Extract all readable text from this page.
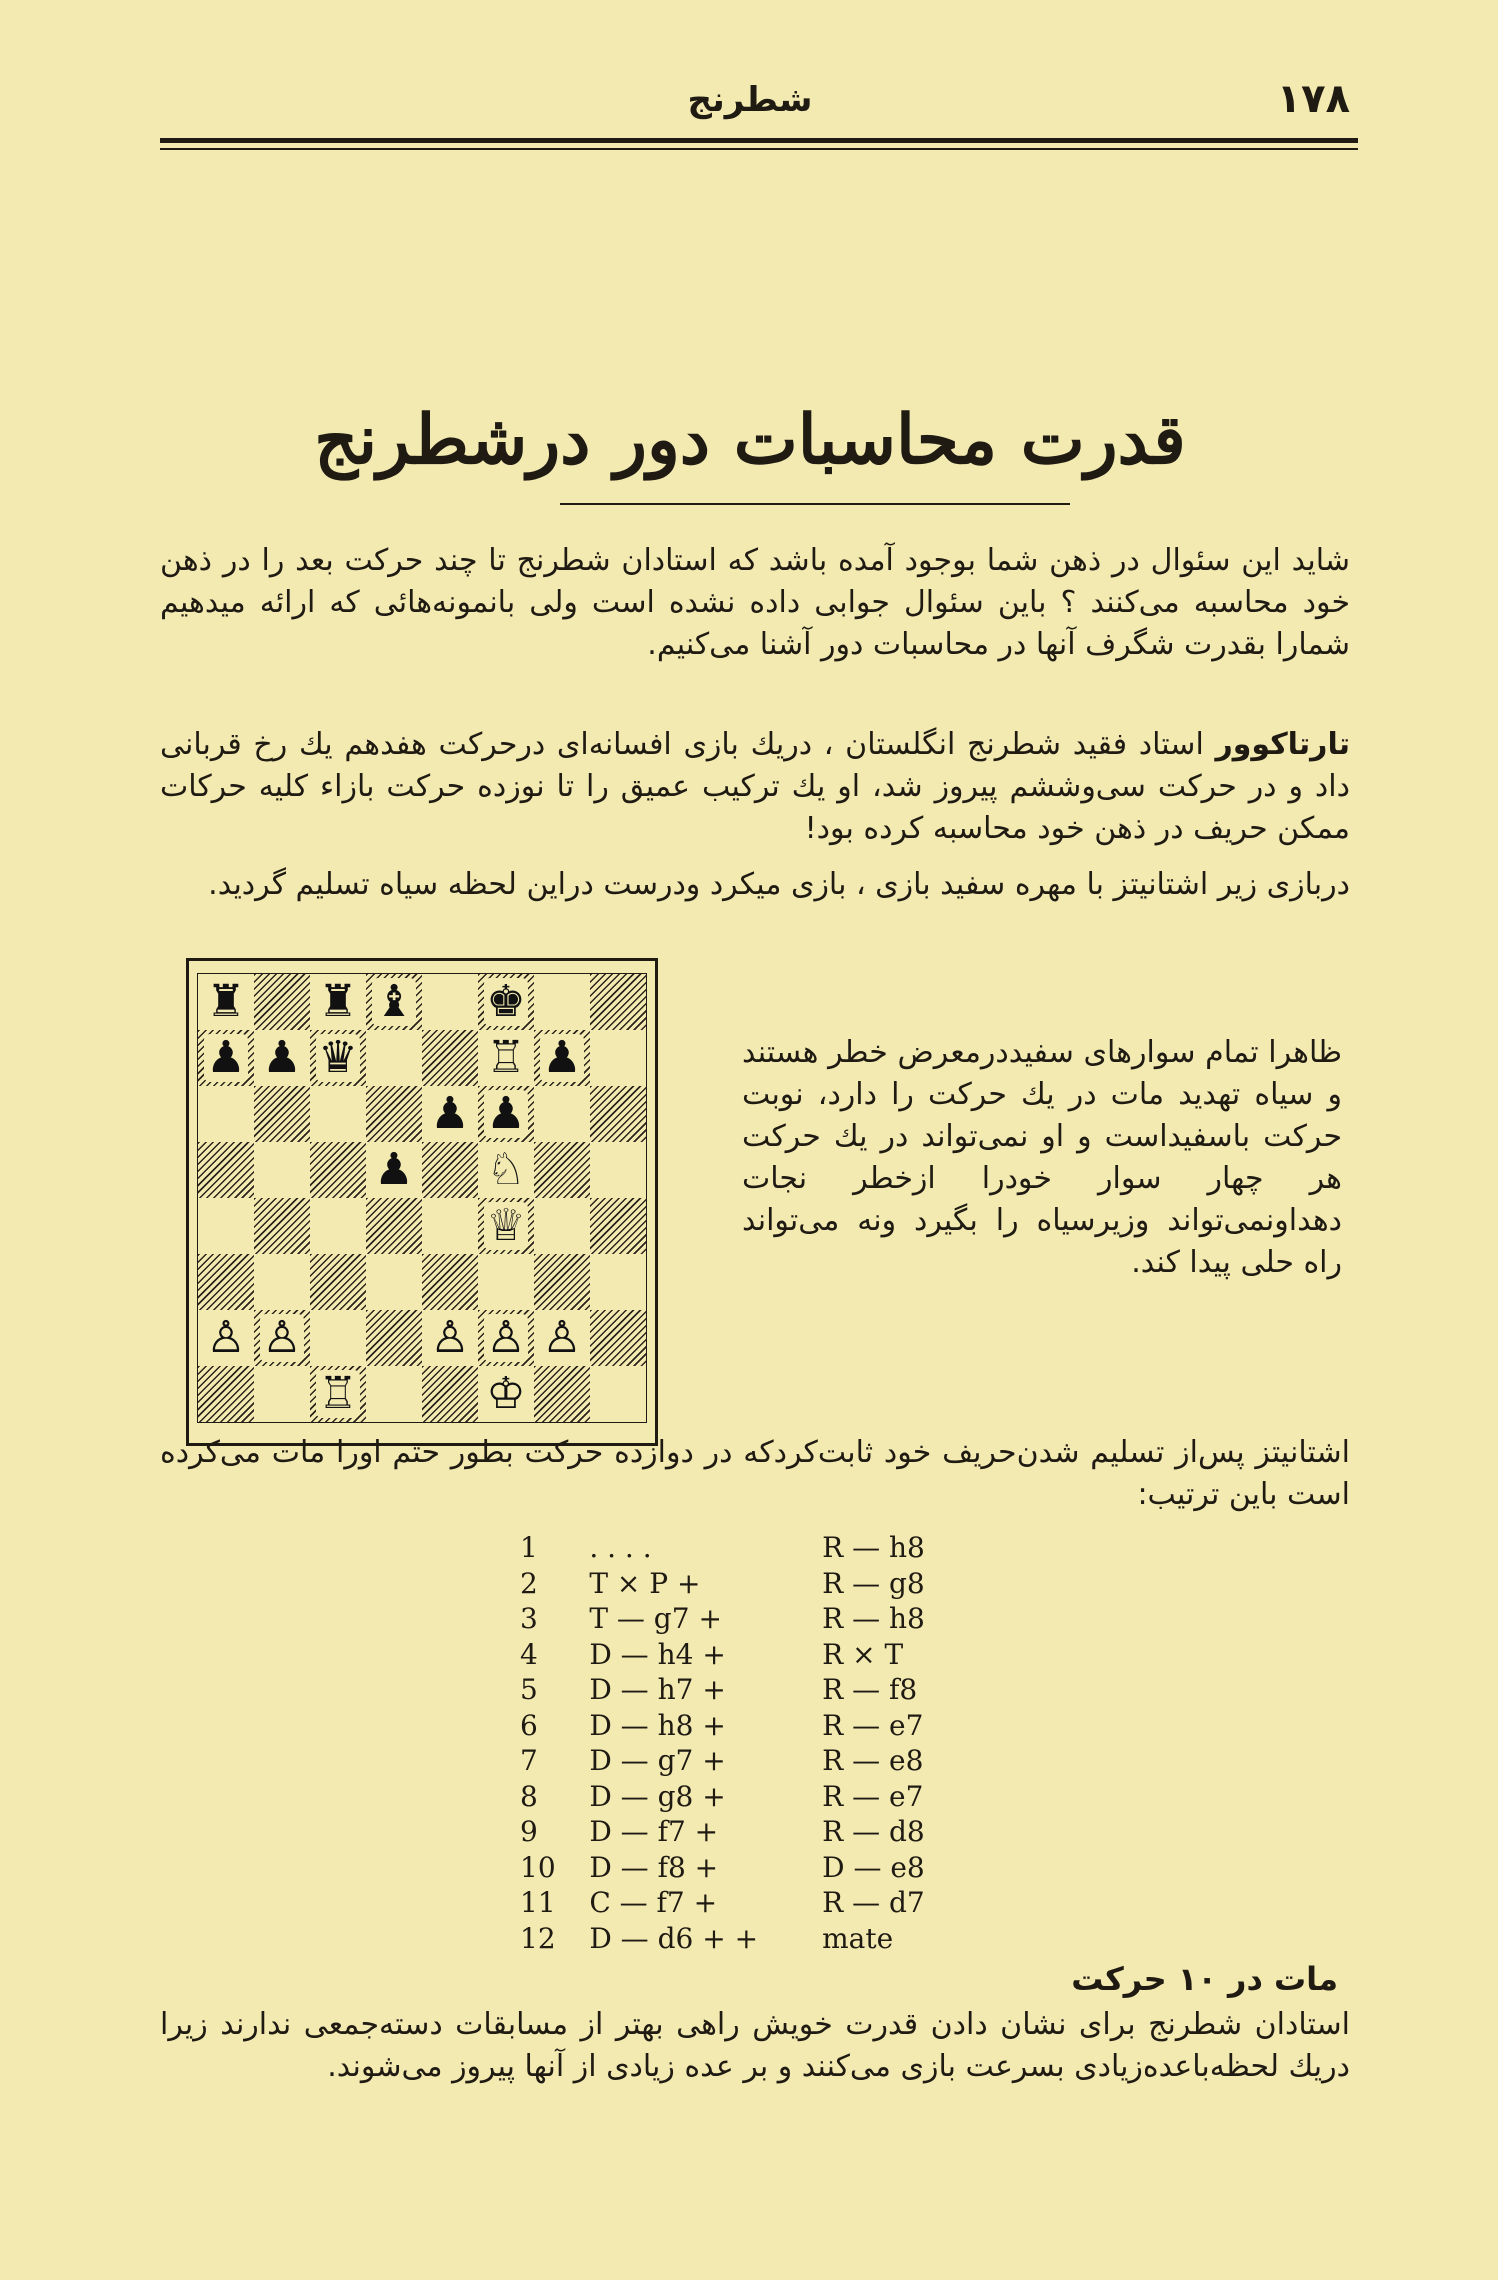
۱۷۸
شطرنج
قدرت محاسبات دور درشطرنج

شاید این سئوال در ذهن شما بوجود آمده باشد که استادان شطرنج تا چند حرکت بعد را در ذهن خود محاسبه می‌کنند ؟ باین سئوال جوابی داده نشده است ولی بانمونه‌هائی که ارائه میدهیم شمارا بقدرت شگرف آنها در محاسبات دور آشنا می‌کنیم.

تارتاکوور استاد فقید شطرنج انگلستان ، دریك بازی افسانه‌ای درحرکت هفدهم یك رخ قربانی داد و در حرکت سی‌وششم پیروز شد، او یك ترکیب عمیق را تا نوزده حرکت بازاء کلیه حرکات ممکن حریف در ذهن خود محاسبه کرده بود!

دربازی زیر اشتانیتز با مهره سفید بازی ، بازی میکرد ودرست دراین لحظه سیاه تسلیم گردید.

♜ ♜ ♝ ♚
♟ ♟ ♛	♖ ♟
♟ ♟
♟ ♘
♕
♙ ♙	♙ ♙ ♙
♖	♔

ظاهرا تمام سوارهای سفیددرمعرض خطر هستند و سیاه تهدید مات در یك حرکت را دارد، نوبت حرکت باسفیداست و او نمی‌تواند در یك حرکت هر چهار سوار خودرا ازخطر نجات دهداونمی‌تواند وزیرسیاه را بگیرد ونه می‌تواند راه حلی پیدا کند.

اشتانیتز پس‌از تسلیم شدن‌حریف خود ثابت‌کردکه در دوازده حرکت بطور حتم اورا مات می‌کرده است باین ترتیب:

1	. . . .	R — h8
2	T × P +	R — g8
3	T — g7 +	R — h8
4	D — h4 +	R × T
5	D — h7 +	R — f8
6	D — h8 +	R — e7
7	D — g7 +	R — e8
8	D — g8 +	R — e7
9	D — f7 +	R — d8
10	D — f8 +	D — e8
11	C — f7 +	R — d7
12	D — d6 + +	mate
مات در ۱۰ حرکت

استادان شطرنج برای نشان دادن قدرت خویش راهی بهتر از مسابقات دسته‌جمعی ندارند زیرا دریك لحظه‌باعده‌زیادی بسرعت بازی می‌کنند و بر عده زیادی از آنها پیروز می‌شوند.
